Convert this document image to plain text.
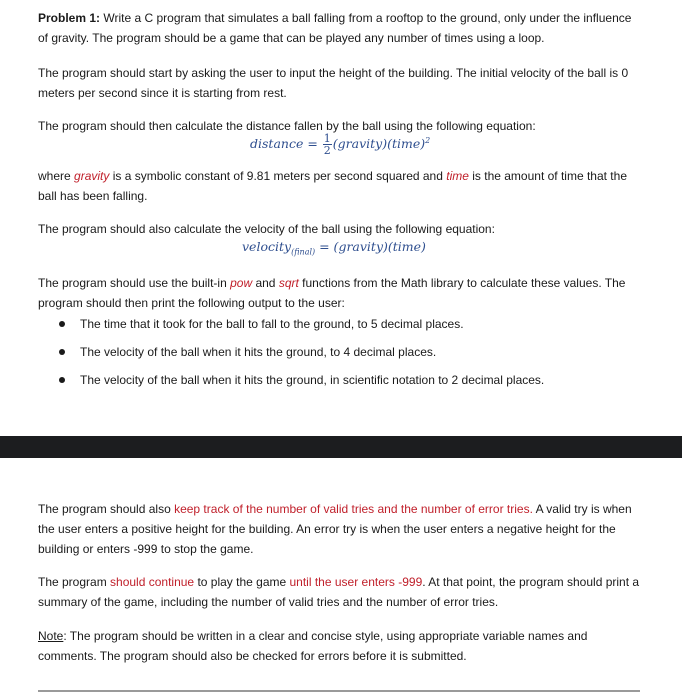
Problem 1: Write a C program that simulates a ball falling from a rooftop to the ground, only under the influence of gravity. The program should be a game that can be played any number of times using a loop.

The program should start by asking the user to input the height of the building. The initial velocity of the ball is 0 meters per second since it is starting from rest.

The program should then calculate the distance fallen by the ball using the following equation:

distance = $\frac{1}{2}$ (gravity)(time)$^2$

where gravity is a symbolic constant of 9.81 meters per second squared and time is the amount of time that the ball has been falling.

The program should also calculate the velocity of the ball using the following equation:

velocity$_{(final)}$ = (gravity)(time)

The program should use the built-in pow and sqrt functions from the Math library to calculate these values. The program should then print the following output to the user:

The time that it took for the ball to fall to the ground, to 5 decimal places.

The velocity of the ball when it hits the ground, to 4 decimal places.

The velocity of the ball when it hits the ground, in scientific notation to 2 decimal places.

The program should also keep track of the number of valid tries and the number of error tries. A valid try is when the user enters a positive height for the building. An error try is when the user enters a negative height for the building or enters -999 to stop the game.

The program should continue to play the game until the user enters -999. At that point, the program should print a summary of the game, including the number of valid tries and the number of error tries.

Note: The program should be written in a clear and concise style, using appropriate variable names and comments. The program should also be checked for errors before it is submitted.
